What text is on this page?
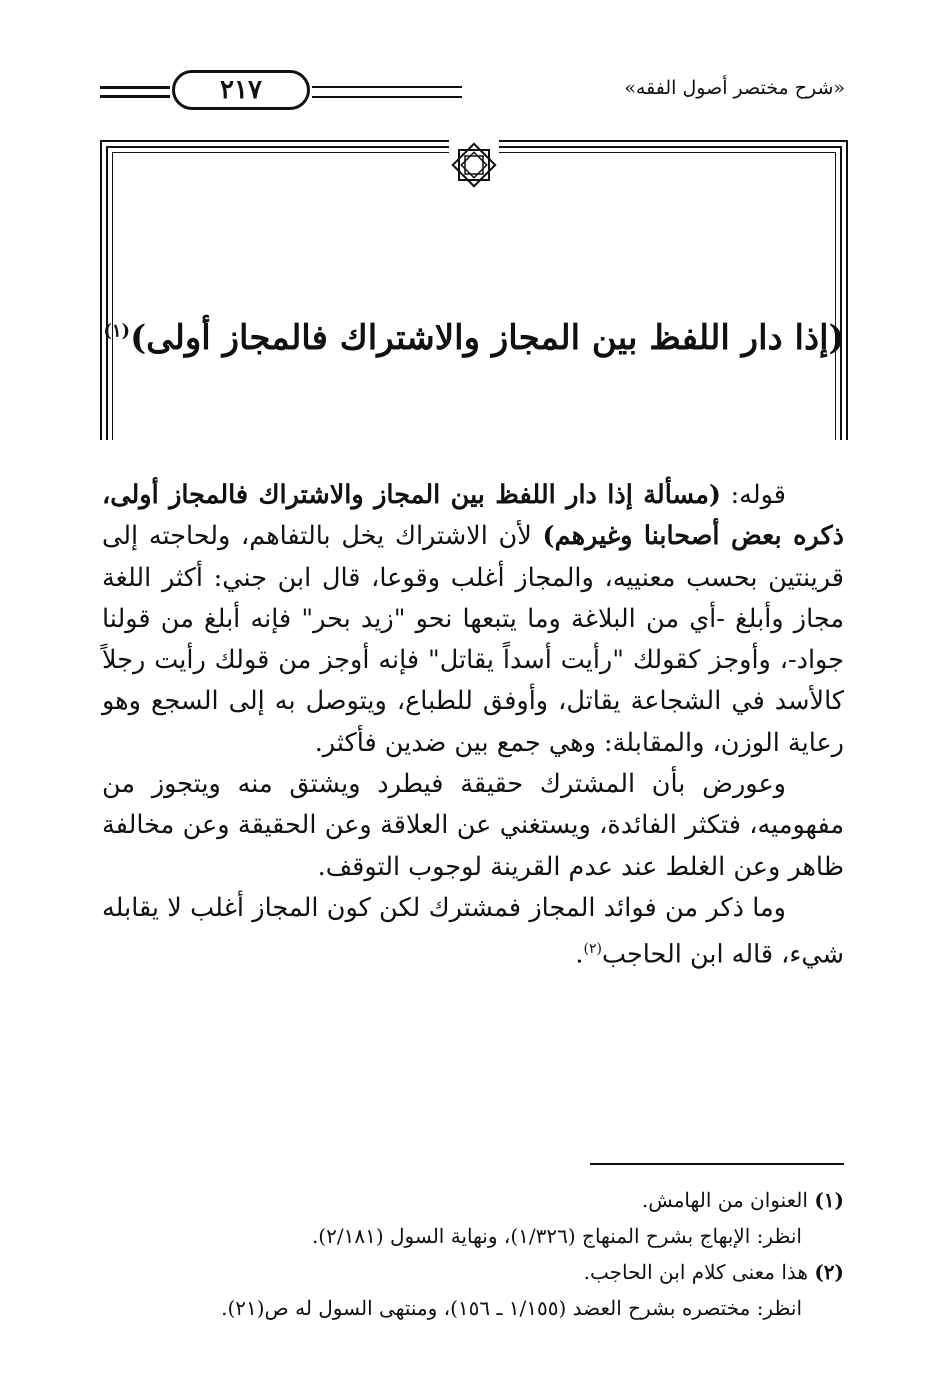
٢١٧	«شرح مختصر أصول الفقه»
(إذا دار اللفظ بين المجاز والاشتراك فالمجاز أولى)$^{(١)}$

قوله: (مسألة إذا دار اللفظ بين المجاز والاشتراك فالمجاز أولى، ذكره بعض أصحابنا وغيرهم) لأن الاشتراك يخل بالتفاهم، ولحاجته إلى قرينتين بحسب معنييه، والمجاز أغلب وقوعا، قال ابن جني: أكثر اللغة مجاز وأبلغ -أي من البلاغة وما يتبعها نحو "زيد بحر" فإنه أبلغ من قولنا جواد-، وأوجز كقولك "رأيت أسداً يقاتل" فإنه أوجز من قولك رأيت رجلاً كالأسد في الشجاعة يقاتل، وأوفق للطباع، ويتوصل به إلى السجع وهو رعاية الوزن، والمقابلة: وهي جمع بين ضدين فأكثر.

وعورض بأن المشترك حقيقة فيطرد ويشتق منه ويتجوز من مفهوميه، فتكثر الفائدة، ويستغني عن العلاقة وعن الحقيقة وعن مخالفة ظاهر وعن الغلط عند عدم القرينة لوجوب التوقف.

وما ذكر من فوائد المجاز فمشترك لكن كون المجاز أغلب لا يقابله شيء، قاله ابن الحاجب$^{(٢)}$.

(١) العنوان من الهامش.

انظر: الإبهاج بشرح المنهاج (١/٣٢٦)، ونهاية السول (٢/١٨١).

(٢) هذا معنى كلام ابن الحاجب.

انظر: مختصره بشرح العضد (١/١٥٥ ـ ١٥٦)، ومنتهى السول له ص(٢١).
